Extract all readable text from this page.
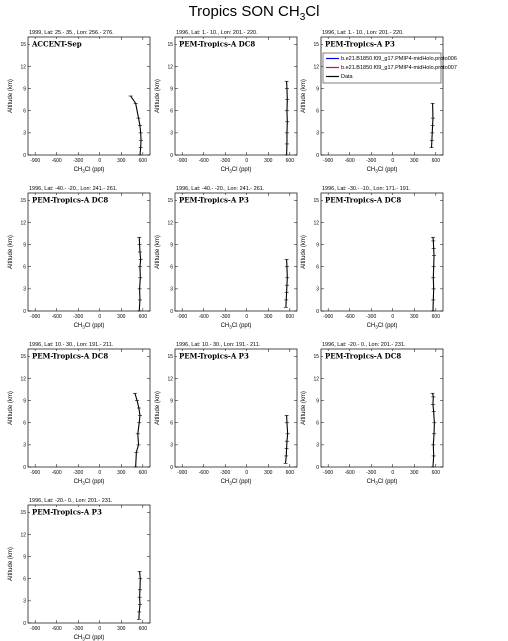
Tropics SON $CH_3Cl$
1999, Lat: 25.- 35., Lon: 256.- 276.
-900 -600 -300	0	300	600
0
3
6
9
12
15
$CH_3Cl$ (ppt)
Altitude (km)
ACCENT-Sep
1996, Lat: 1.- 10., Lon: 201.- 220.
-900 -600 -300	0	300	600
0
3
6
9
12
15
$CH_3Cl$ (ppt)
Altitude (km)
PEM-Tropics-A DC8
1996, Lat: 1.- 10., Lon: 201.- 220.
-900 -600 -300	0	300	600
0
3
6
9
12
15
$CH_3Cl$ (ppt)
Altitude (km)
PEM-Tropics-A P3
b.e21.B1850.f09_g17.PMIP4-midHolo.proto006
b.e21.B1850.f09_g17.PMIP4-midHolo.proto007
Data
1996, Lat: -40.- -20., Lon: 241.- 261.
-900 -600 -300	0	300	600
0
3
6
9
12
15
$CH_3Cl$ (ppt)
Altitude (km)
PEM-Tropics-A DC8
1996, Lat: -40.- -20., Lon: 241.- 261.
-900 -600 -300	0	300	600
0
3
6
9
12
15
$CH_3Cl$ (ppt)
Altitude (km)
PEM-Tropics-A P3
1996, Lat: -30.- -10., Lon: 171.- 191.
-900 -600 -300	0	300	600
0
3
6
9
12
15
$CH_3Cl$ (ppt)
Altitude (km)
PEM-Tropics-A DC8
1996, Lat: 10.- 30., Lon: 191.- 211.
-900 -600 -300	0	300	600
0
3
6
9
12
15
$CH_3Cl$ (ppt)
Altitude (km)
PEM-Tropics-A DC8
1996, Lat: 10.- 30., Lon: 191.- 211.
-900 -600 -300	0	300	600
0
3
6
9
12
15
$CH_3Cl$ (ppt)
Altitude (km)
PEM-Tropics-A P3
1996, Lat: -20.- 0., Lon: 201.- 231.
-900 -600 -300	0	300	600
0
3
6
9
12
15
$CH_3Cl$ (ppt)
Altitude (km)
PEM-Tropics-A DC8
1996, Lat: -20.- 0., Lon: 201.- 231.
-900 -600 -300	0	300	600
0
3
6
9
12
15
$CH_3Cl$ (ppt)
Altitude (km)
PEM-Tropics-A P3
